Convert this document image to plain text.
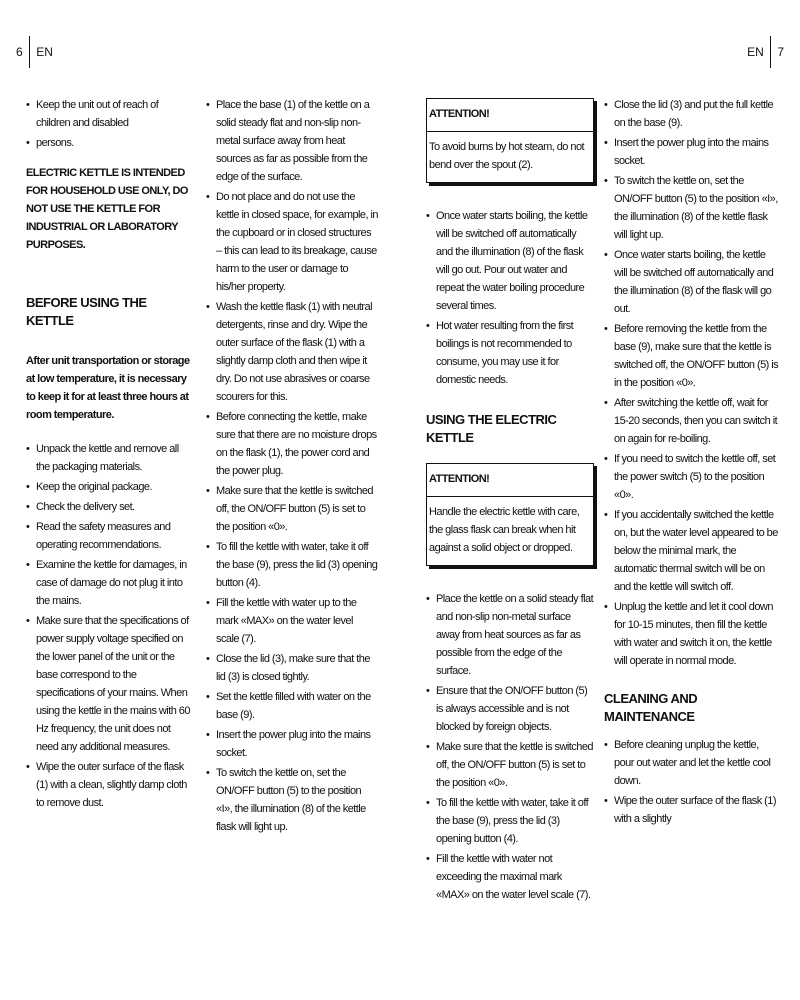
6 EN	EN 7
• Keep the unit out of reach of children and disabled
• persons.

ELECTRIC KETTLE IS INTENDED FOR HOUSEHOLD USE ONLY, DO NOT USE THE KETTLE FOR INDUSTRIAL OR LABORATORY PURPOSES.

BEFORE USING THE KETTLE

After unit transportation or storage at low temperature, it is necessary to keep it for at least three hours at room temperature.

• Unpack the kettle and remove all the packaging materials.
• Keep the original package.
• Check the delivery set.
• Read the safety measures and operating recommendations.
• Examine the kettle for damages, in case of damage do not plug it into the mains.
• Make sure that the specifications of power supply voltage specified on the lower panel of the unit or the base correspond to the specifications of your mains. When using the kettle in the mains with 60 Hz frequency, the unit does not need any additional measures.
• Wipe the outer surface of the flask (1) with a clean, slightly damp cloth to remove dust.
• Place the base (1) of the kettle on a solid steady flat and non-slip non-metal surface away from heat sources as far as possible from the edge of the surface.
• Do not place and do not use the kettle in closed space, for example, in the cupboard or in closed structures – this can lead to its breakage, cause harm to the user or damage to his/her property.
• Wash the kettle flask (1) with neutral detergents, rinse and dry. Wipe the outer surface of the flask (1) with a slightly damp cloth and then wipe it dry. Do not use abrasives or coarse scourers for this.
• Before connecting the kettle, make sure that there are no moisture drops on the flask (1), the power cord and the power plug.
• Make sure that the kettle is switched off, the ON/OFF button (5) is set to the position «0».
• To fill the kettle with water, take it off the base (9), press the lid (3) opening button (4).
• Fill the kettle with water up to the mark «MAX» on the water level scale (7).
• Close the lid (3), make sure that the lid (3) is closed tightly.
• Set the kettle filled with water on the base (9).
• Insert the power plug into the mains socket.
• To switch the kettle on, set the ON/OFF button (5) to the position «I», the illumination (8) of the kettle flask will light up.
ATTENTION!
To avoid burns by hot steam, do not bend over the spout (2).
• Once water starts boiling, the kettle will be switched off automatically and the illumination (8) of the flask will go out. Pour out water and repeat the water boiling procedure several times.
• Hot water resulting from the first boilings is not recommended to consume, you may use it for domestic needs.
USING THE ELECTRIC KETTLE
ATTENTION!
Handle the electric kettle with care, the glass flask can break when hit against a solid object or dropped.
• Place the kettle on a solid steady flat and non-slip non-metal surface away from heat sources as far as possible from the edge of the surface.
• Ensure that the ON/OFF button (5) is always accessible and is not blocked by foreign objects.
• Make sure that the kettle is switched off, the ON/OFF button (5) is set to the position «0».
• To fill the kettle with water, take it off the base (9), press the lid (3) opening button (4).
• Fill the kettle with water not exceeding the maximal mark «MAX» on the water level scale (7).
• Close the lid (3) and put the full kettle on the base (9).
• Insert the power plug into the mains socket.
• To switch the kettle on, set the ON/OFF button (5) to the position «I», the illumination (8) of the kettle flask will light up.
• Once water starts boiling, the kettle will be switched off automatically and the illumination (8) of the flask will go out.
• Before removing the kettle from the base (9), make sure that the kettle is switched off, the ON/OFF button (5) is in the position «0».
• After switching the kettle off, wait for 15-20 seconds, then you can switch it on again for re-boiling.
• If you need to switch the kettle off, set the power switch (5) to the position «0».
• If you accidentally switched the kettle on, but the water level appeared to be below the minimal mark, the automatic thermal switch will be on and the kettle will switch off.
• Unplug the kettle and let it cool down for 10-15 minutes, then fill the kettle with water and switch it on, the kettle will operate in normal mode.
CLEANING AND MAINTENANCE
• Before cleaning unplug the kettle, pour out water and let the kettle cool down.
• Wipe the outer surface of the flask (1) with a slightly
